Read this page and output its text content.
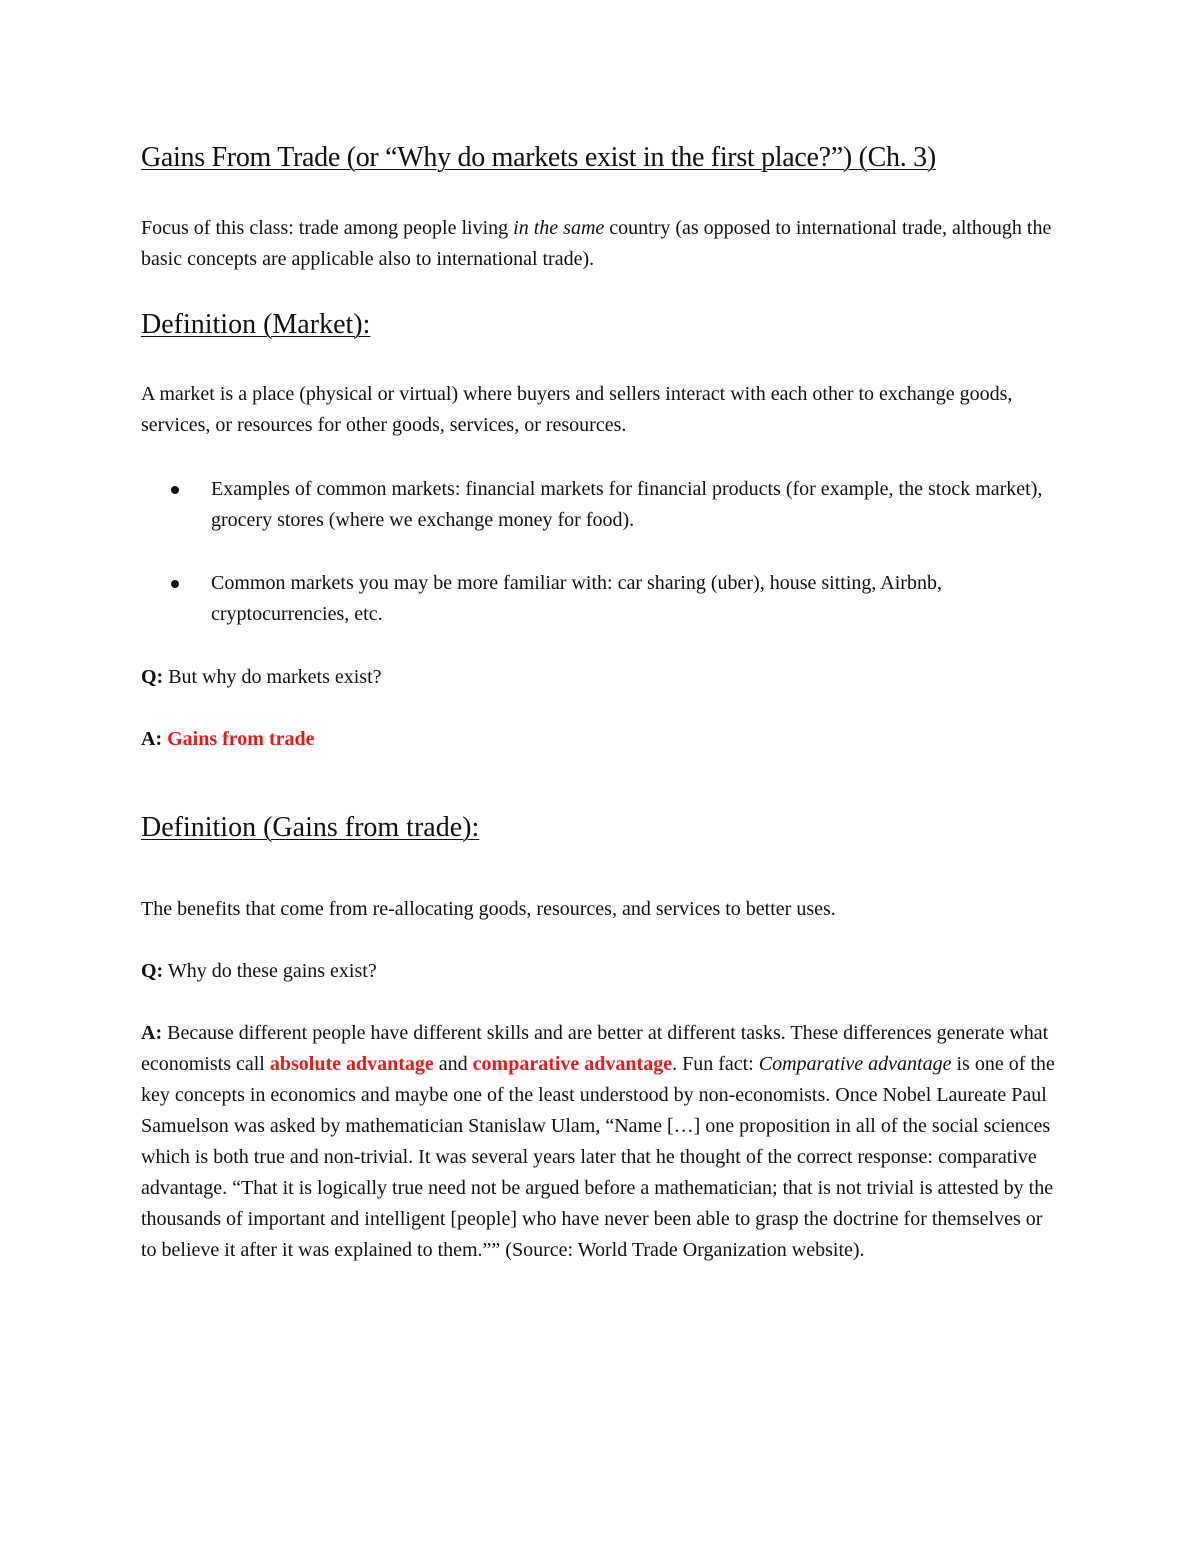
Gains From Trade (or “Why do markets exist in the first place?”) (Ch. 3)
Focus of this class: trade among people living in the same country (as opposed to international trade, although the basic concepts are applicable also to international trade).
Definition (Market):
A market is a place (physical or virtual) where buyers and sellers interact with each other to exchange goods, services, or resources for other goods, services, or resources.
Examples of common markets: financial markets for financial products (for example, the stock market), grocery stores (where we exchange money for food).
Common markets you may be more familiar with: car sharing (uber), house sitting, Airbnb, cryptocurrencies, etc.
Q: But why do markets exist?
A: Gains from trade
Definition (Gains from trade):
The benefits that come from re-allocating goods, resources, and services to better uses.
Q: Why do these gains exist?
A: Because different people have different skills and are better at different tasks. These differences generate what economists call absolute advantage and comparative advantage. Fun fact: Comparative advantage is one of the key concepts in economics and maybe one of the least understood by non-economists. Once Nobel Laureate Paul Samuelson was asked by mathematician Stanislaw Ulam, “Name […] one proposition in all of the social sciences which is both true and non-trivial. It was several years later that he thought of the correct response: comparative advantage. “That it is logically true need not be argued before a mathematician; that is not trivial is attested by the thousands of important and intelligent [people] who have never been able to grasp the doctrine for themselves or to believe it after it was explained to them.”” (Source: World Trade Organization website).
